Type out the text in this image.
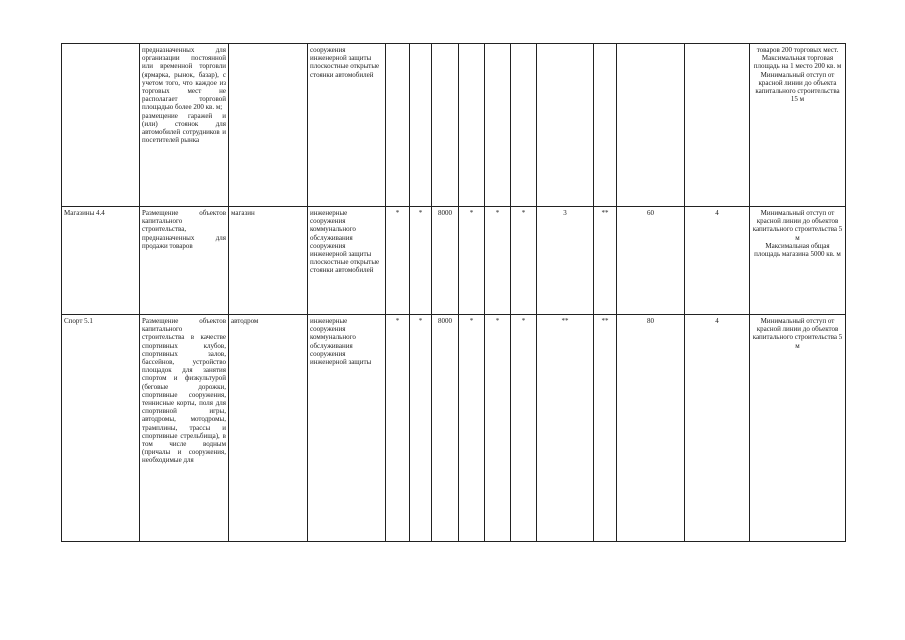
	предназначенных для организации постоянной или временной торговли (ярмарка, рынок, базар), с учетом того, что каждое из торговых мест не располагает торговой площадью более 200 кв. м;
размещение гаражей и (или) стоянок для автомобилей сотрудников и посетителей рынка		сооружения инженерной защиты плоскостные открытые стоянки автомобилей											товаров 200 торговых мест. Максимальная торговая площадь на 1 место 200 кв. м
Минимальный отступ от красной линии до объекта капитального строительства 15 м
Магазины 4.4	Размещение объектов капитального строительства, предназначенных для продажи товаров	магазин	инженерные сооружения коммунального обслуживания сооружения инженерной защиты плоскостные открытые стоянки автомобилей	*	*	8000	*	*	*	3	**	60	4	Минимальный отступ от красной линии до объектов капитального строительства 5 м
Максимальная общая площадь магазина 5000 кв. м
Спорт 5.1	Размещение объектов капитального строительства в качестве спортивных клубов, спортивных залов, бассейнов, устройство площадок для занятия спортом и физкультурой (беговые дорожки, спортивные сооружения, теннисные корты, поля для спортивной игры, автодромы, мотодромы, трамплины, трассы и спортивные стрельбища), в том числе водным (причалы и сооружения, необходимые для	автодром	инженерные сооружения коммунального обслуживания сооружения инженерной защиты	*	*	8000	*	*	*	**	**	80	4	Минимальный отступ от красной линии до объектов капитального строительства 5 м
